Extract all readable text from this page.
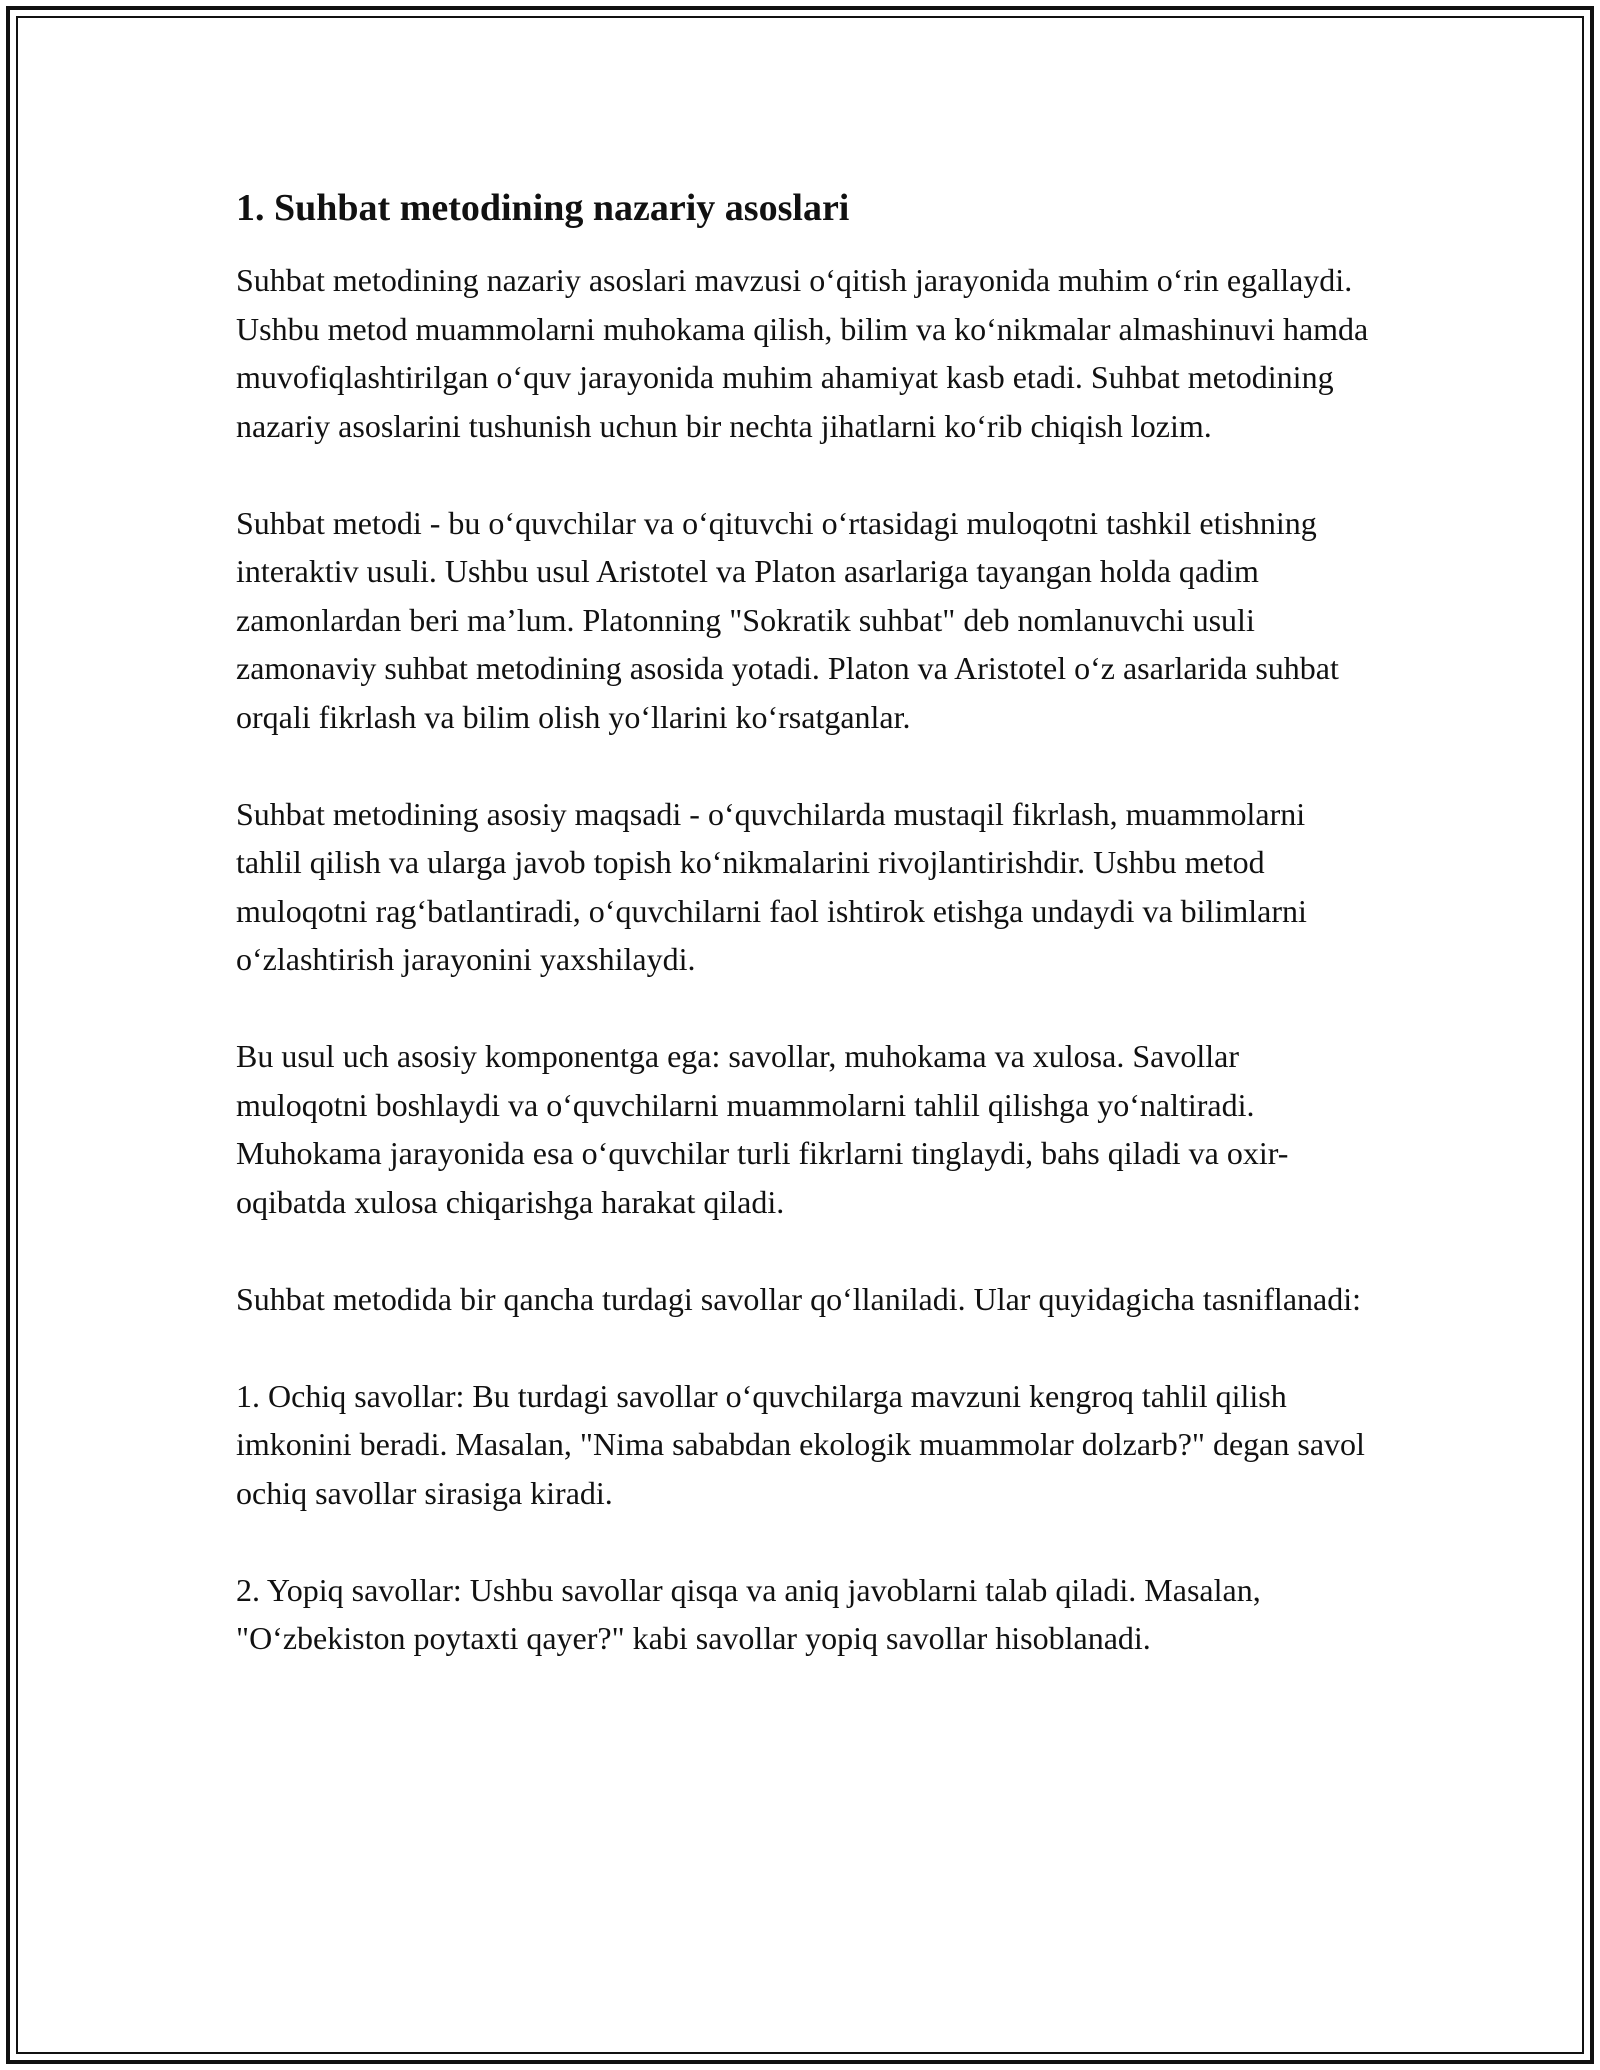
1. Suhbat metodining nazariy asoslari

Suhbat metodining nazariy asoslari mavzusi o‘qitish jarayonida muhim o‘rin egallaydi. Ushbu metod muammolarni muhokama qilish, bilim va ko‘nikmalar almashinuvi hamda muvofiqlashtirilgan o‘quv jarayonida muhim ahamiyat kasb etadi. Suhbat metodining nazariy asoslarini tushunish uchun bir nechta jihatlarni ko‘rib chiqish lozim.

Suhbat metodi - bu o‘quvchilar va o‘qituvchi o‘rtasidagi muloqotni tashkil etishning interaktiv usuli. Ushbu usul Aristotel va Platon asarlariga tayangan holda qadim zamonlardan beri ma’lum. Platonning "Sokratik suhbat" deb nomlanuvchi usuli zamonaviy suhbat metodining asosida yotadi. Platon va Aristotel o‘z asarlarida suhbat orqali fikrlash va bilim olish yo‘llarini ko‘rsatganlar.

Suhbat metodining asosiy maqsadi - o‘quvchilarda mustaqil fikrlash, muammolarni tahlil qilish va ularga javob topish ko‘nikmalarini rivojlantirishdir. Ushbu metod muloqotni rag‘batlantiradi, o‘quvchilarni faol ishtirok etishga undaydi va bilimlarni o‘zlashtirish jarayonini yaxshilaydi.

Bu usul uch asosiy komponentga ega: savollar, muhokama va xulosa. Savollar muloqotni boshlaydi va o‘quvchilarni muammolarni tahlil qilishga yo‘naltiradi. Muhokama jarayonida esa o‘quvchilar turli fikrlarni tinglaydi, bahs qiladi va oxir-oqibatda xulosa chiqarishga harakat qiladi.

Suhbat metodida bir qancha turdagi savollar qo‘llaniladi. Ular quyidagicha tasniflanadi:

1. Ochiq savollar: Bu turdagi savollar o‘quvchilarga mavzuni kengroq tahlil qilish imkonini beradi. Masalan, "Nima sababdan ekologik muammolar dolzarb?" degan savol ochiq savollar sirasiga kiradi.

2. Yopiq savollar: Ushbu savollar qisqa va aniq javoblarni talab qiladi. Masalan, "O‘zbekiston poytaxti qayer?" kabi savollar yopiq savollar hisoblanadi.
